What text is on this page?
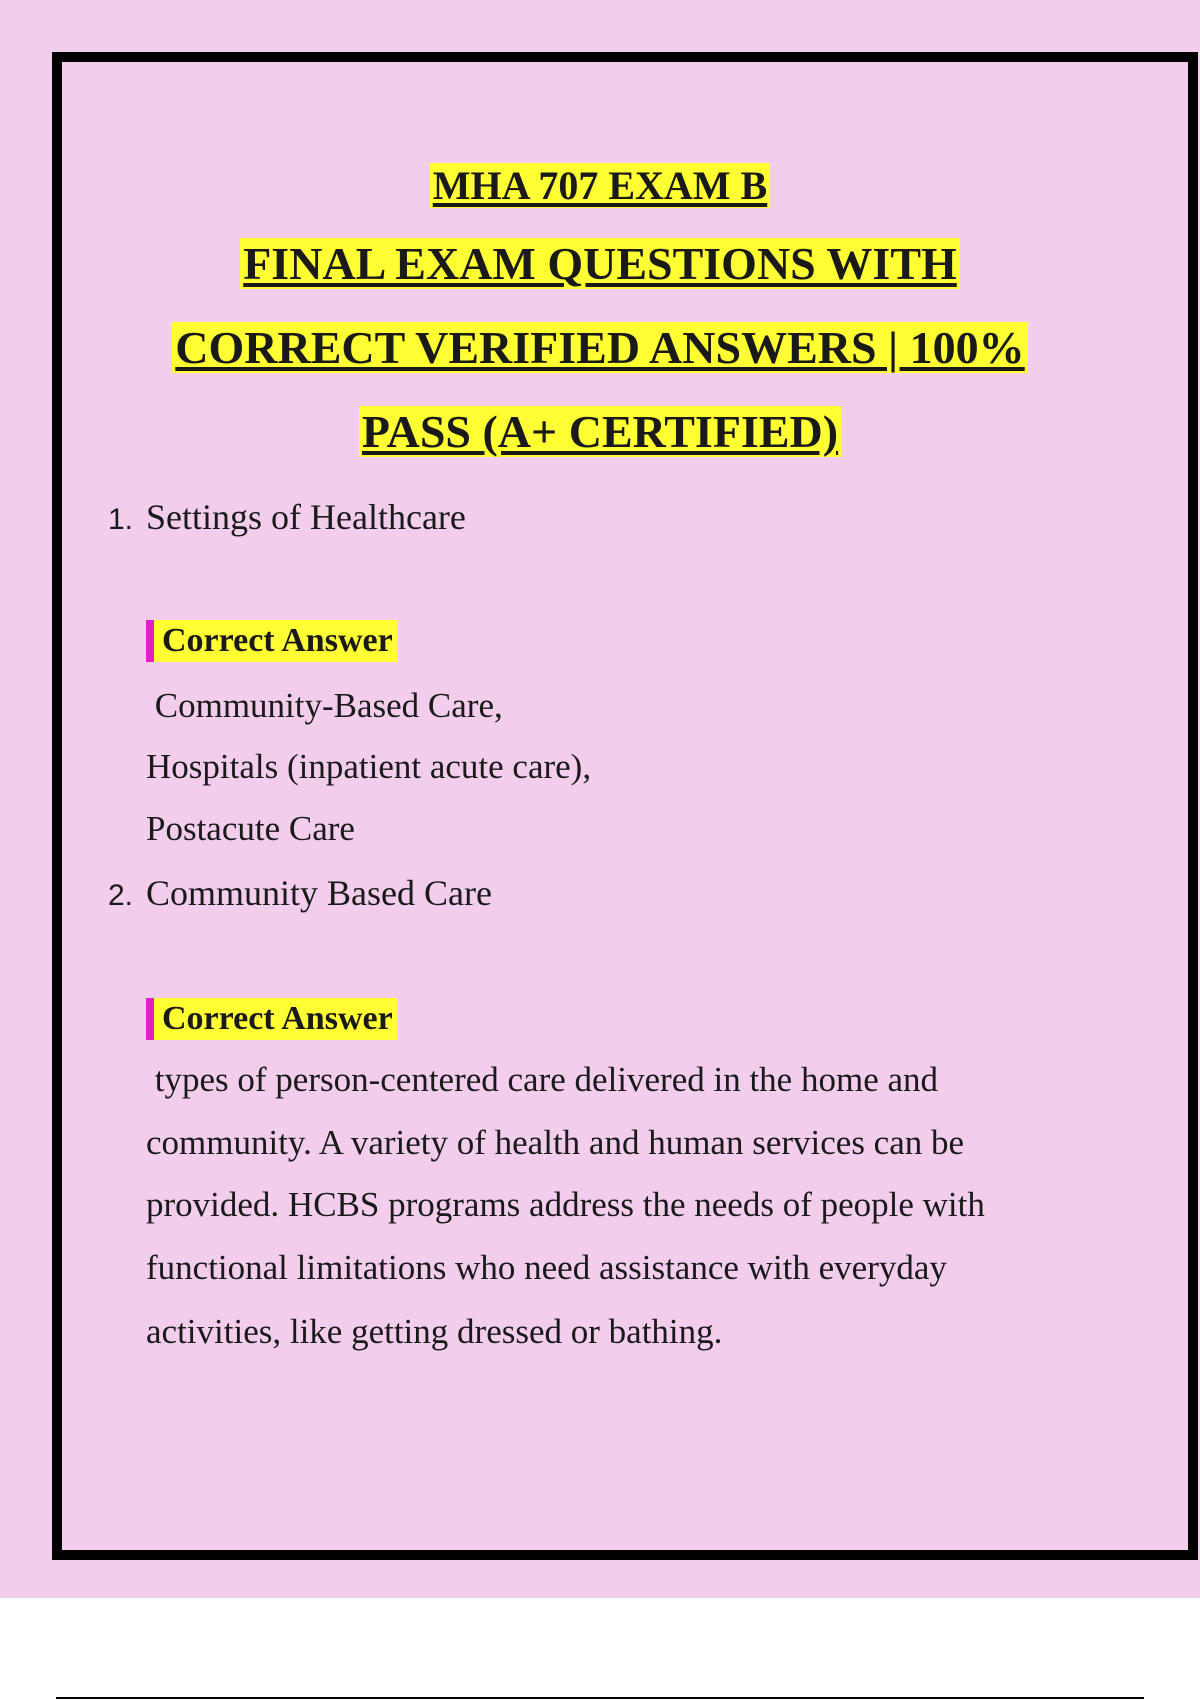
MHA 707 EXAM B
FINAL EXAM QUESTIONS WITH
CORRECT VERIFIED ANSWERS | 100%
PASS (A+ CERTIFIED)
1. Settings of Healthcare
Correct Answer
Community-Based Care,
Hospitals (inpatient acute care),
Postacute Care
2. Community Based Care
Correct Answer
types of person-centered care delivered in the home and
community. A variety of health and human services can be
provided. HCBS programs address the needs of people with
functional limitations who need assistance with everyday
activities, like getting dressed or bathing.
